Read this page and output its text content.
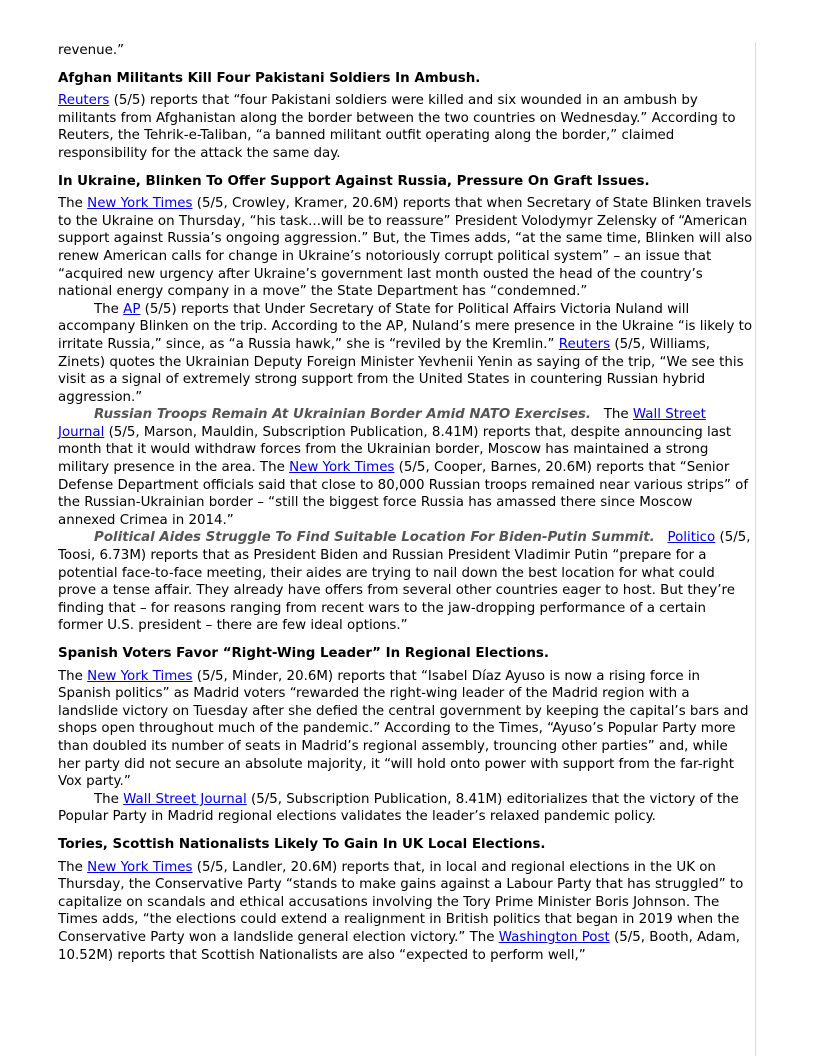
revenue.”

Afghan Militants Kill Four Pakistani Soldiers In Ambush.

Reuters (5/5) reports that “four Pakistani soldiers were killed and six wounded in an ambush by militants from Afghanistan along the border between the two countries on Wednesday.” According to Reuters, the Tehrik-e-Taliban, “a banned militant outfit operating along the border,” claimed responsibility for the attack the same day.

In Ukraine, Blinken To Offer Support Against Russia, Pressure On Graft Issues.

The New York Times (5/5, Crowley, Kramer, 20.6M) reports that when Secretary of State Blinken travels to the Ukraine on Thursday, “his task...will be to reassure” President Volodymyr Zelensky of “American support against Russia’s ongoing aggression.” But, the Times adds, “at the same time, Blinken will also renew American calls for change in Ukraine’s notoriously corrupt political system” – an issue that “acquired new urgency after Ukraine’s government last month ousted the head of the country’s national energy company in a move” the State Department has “condemned.”

The AP (5/5) reports that Under Secretary of State for Political Affairs Victoria Nuland will accompany Blinken on the trip. According to the AP, Nuland’s mere presence in the Ukraine “is likely to irritate Russia,” since, as “a Russia hawk,” she is “reviled by the Kremlin.” Reuters (5/5, Williams, Zinets) quotes the Ukrainian Deputy Foreign Minister Yevhenii Yenin as saying of the trip, “We see this visit as a signal of extremely strong support from the United States in countering Russian hybrid aggression.”

Russian Troops Remain At Ukrainian Border Amid NATO Exercises.   The Wall Street Journal (5/5, Marson, Mauldin, Subscription Publication, 8.41M) reports that, despite announcing last month that it would withdraw forces from the Ukrainian border, Moscow has maintained a strong military presence in the area. The New York Times (5/5, Cooper, Barnes, 20.6M) reports that “Senior Defense Department officials said that close to 80,000 Russian troops remained near various strips” of the Russian-Ukrainian border – “still the biggest force Russia has amassed there since Moscow annexed Crimea in 2014.”

Political Aides Struggle To Find Suitable Location For Biden-Putin Summit. Politico (5/5, Toosi, 6.73M) reports that as President Biden and Russian President Vladimir Putin “prepare for a potential face-to-face meeting, their aides are trying to nail down the best location for what could prove a tense affair. They already have offers from several other countries eager to host. But they’re finding that – for reasons ranging from recent wars to the jaw-dropping performance of a certain former U.S. president – there are few ideal options.”

Spanish Voters Favor “Right-Wing Leader” In Regional Elections.

The New York Times (5/5, Minder, 20.6M) reports that “Isabel Díaz Ayuso is now a rising force in Spanish politics” as Madrid voters “rewarded the right-wing leader of the Madrid region with a landslide victory on Tuesday after she defied the central government by keeping the capital’s bars and shops open throughout much of the pandemic.” According to the Times, “Ayuso’s Popular Party more than doubled its number of seats in Madrid’s regional assembly, trouncing other parties” and, while her party did not secure an absolute majority, it “will hold onto power with support from the far-right Vox party.”

The Wall Street Journal (5/5, Subscription Publication, 8.41M) editorializes that the victory of the Popular Party in Madrid regional elections validates the leader’s relaxed pandemic policy.

Tories, Scottish Nationalists Likely To Gain In UK Local Elections.

The New York Times (5/5, Landler, 20.6M) reports that, in local and regional elections in the UK on Thursday, the Conservative Party “stands to make gains against a Labour Party that has struggled” to capitalize on scandals and ethical accusations involving the Tory Prime Minister Boris Johnson. The Times adds, “the elections could extend a realignment in British politics that began in 2019 when the Conservative Party won a landslide general election victory.” The Washington Post (5/5, Booth, Adam, 10.52M) reports that Scottish Nationalists are also “expected to perform well,”
